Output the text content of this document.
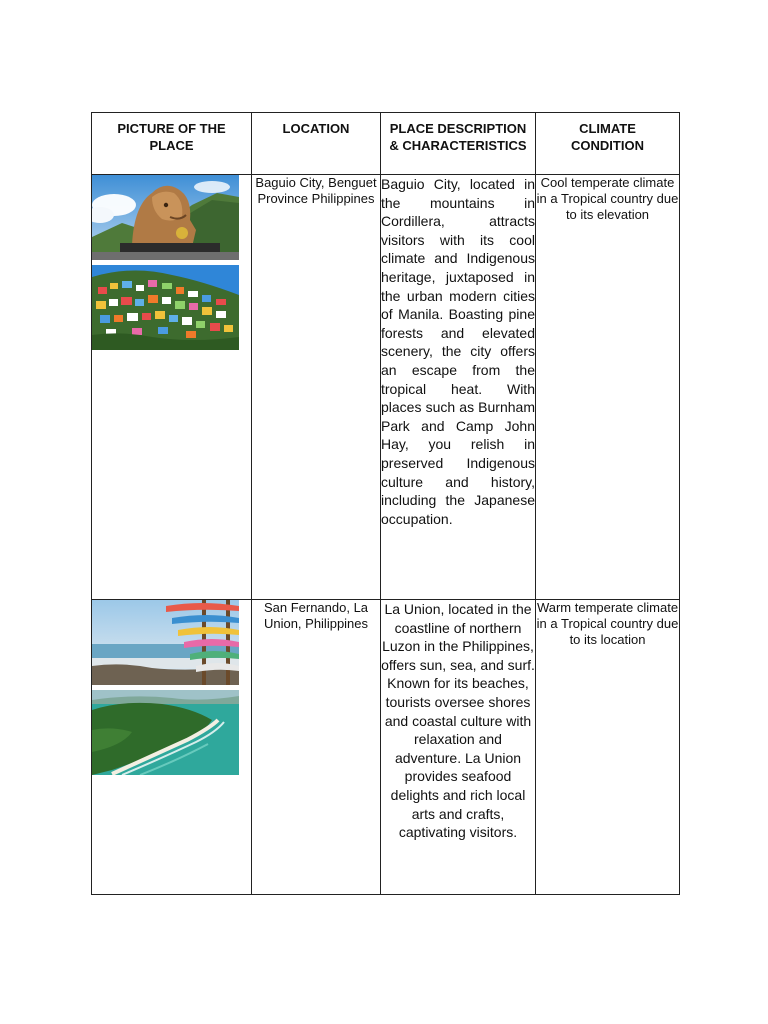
PICTURE OF THE PLACE	LOCATION	PLACE DESCRIPTION & CHARACTERISTICS	CLIMATE CONDITION

	Baguio City, Benguet Province Philippines	Baguio City, located in the mountains in Cordillera, attracts visitors with its cool climate and Indigenous heritage, juxtaposed in the urban modern cities of Manila. Boasting pine forests and elevated scenery, the city offers an escape from the tropical heat. With places such as Burnham Park and Camp John Hay, you relish in preserved Indigenous culture and history, including the Japanese occupation.	Cool temperate climate in a Tropical country due to its elevation

	San Fernando, La Union, Philippines	La Union, located in the coastline of northern Luzon in the Philippines, offers sun, sea, and surf. Known for its beaches, tourists oversee shores and coastal culture with relaxation and adventure. La Union provides seafood delights and rich local arts and crafts, captivating visitors.	Warm temperate climate in a Tropical country due to its location
